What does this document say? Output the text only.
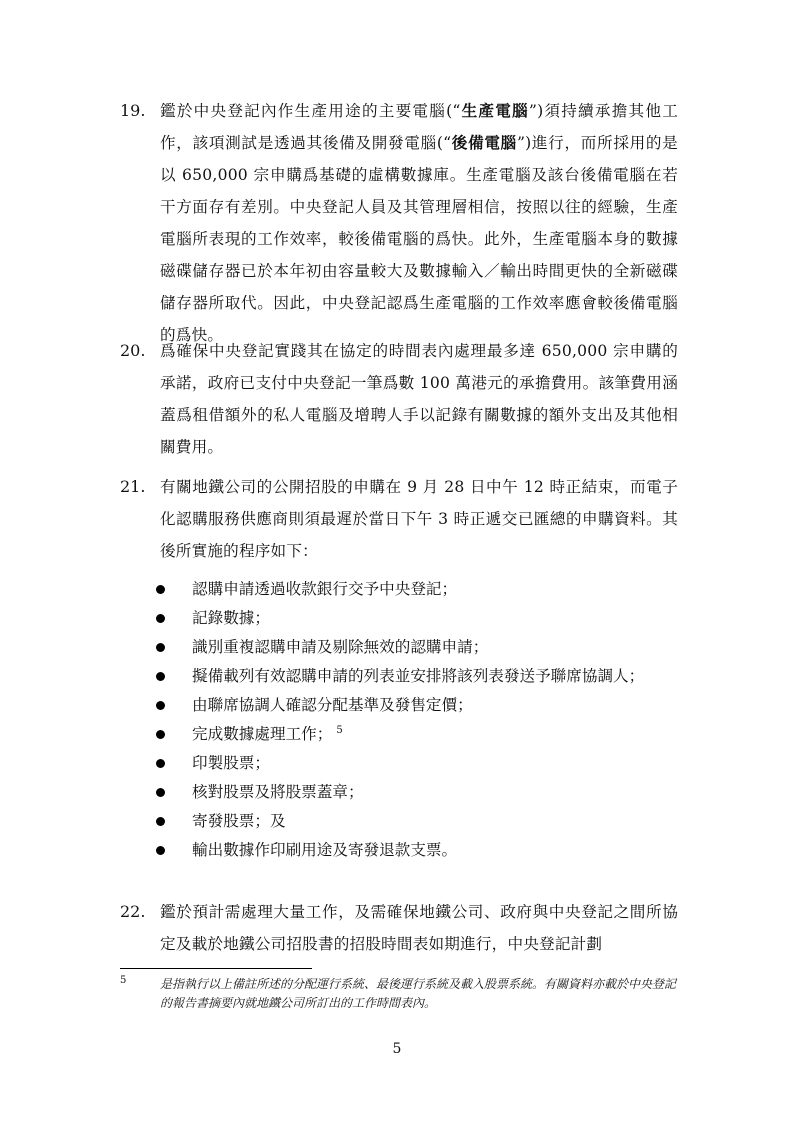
19. 鑑於中央登記內作生產用途的主要電腦(“生產電腦”)須持續承擔其他工作，該項測試是透過其後備及開發電腦(“後備電腦”)進行，而所採用的是以 650,000 宗申購爲基礎的虛構數據庫。生產電腦及該台後備電腦在若干方面存有差別。中央登記人員及其管理層相信，按照以往的經驗，生產電腦所表現的工作效率，較後備電腦的爲快。此外，生產電腦本身的數據磁碟儲存器已於本年初由容量較大及數據輸入／輸出時間更快的全新磁碟儲存器所取代。因此，中央登記認爲生產電腦的工作效率應會較後備電腦的爲快。
20. 爲確保中央登記實踐其在協定的時間表內處理最多達 650,000 宗申購的承諾，政府已支付中央登記一筆爲數 100 萬港元的承擔費用。該筆費用涵蓋爲租借額外的私人電腦及增聘人手以記錄有關數據的額外支出及其他相關費用。
21. 有關地鐵公司的公開招股的申購在 9 月 28 日中午 12 時正結束，而電子化認購服務供應商則須最遲於當日下午 3 時正遞交已匯總的申購資料。其後所實施的程序如下：
認購申請透過收款銀行交予中央登記；
記錄數據；
識別重複認購申請及剔除無效的認購申請；
擬備載列有效認購申請的列表並安排將該列表發送予聯席協調人；
由聯席協調人確認分配基準及發售定價；
完成數據處理工作； $^5$
印製股票；
核對股票及將股票蓋章；
寄發股票；及
輸出數據作印刷用途及寄發退款支票。
22. 鑑於預計需處理大量工作，及需確保地鐵公司、政府與中央登記之間所協定及載於地鐵公司招股書的招股時間表如期進行，中央登記計劃
5	是指執行以上備註所述的分配運行系統、最後運行系統及載入股票系統。有關資料亦載於中央登記的報告書摘要內就地鐵公司所訂出的工作時間表內。
5
